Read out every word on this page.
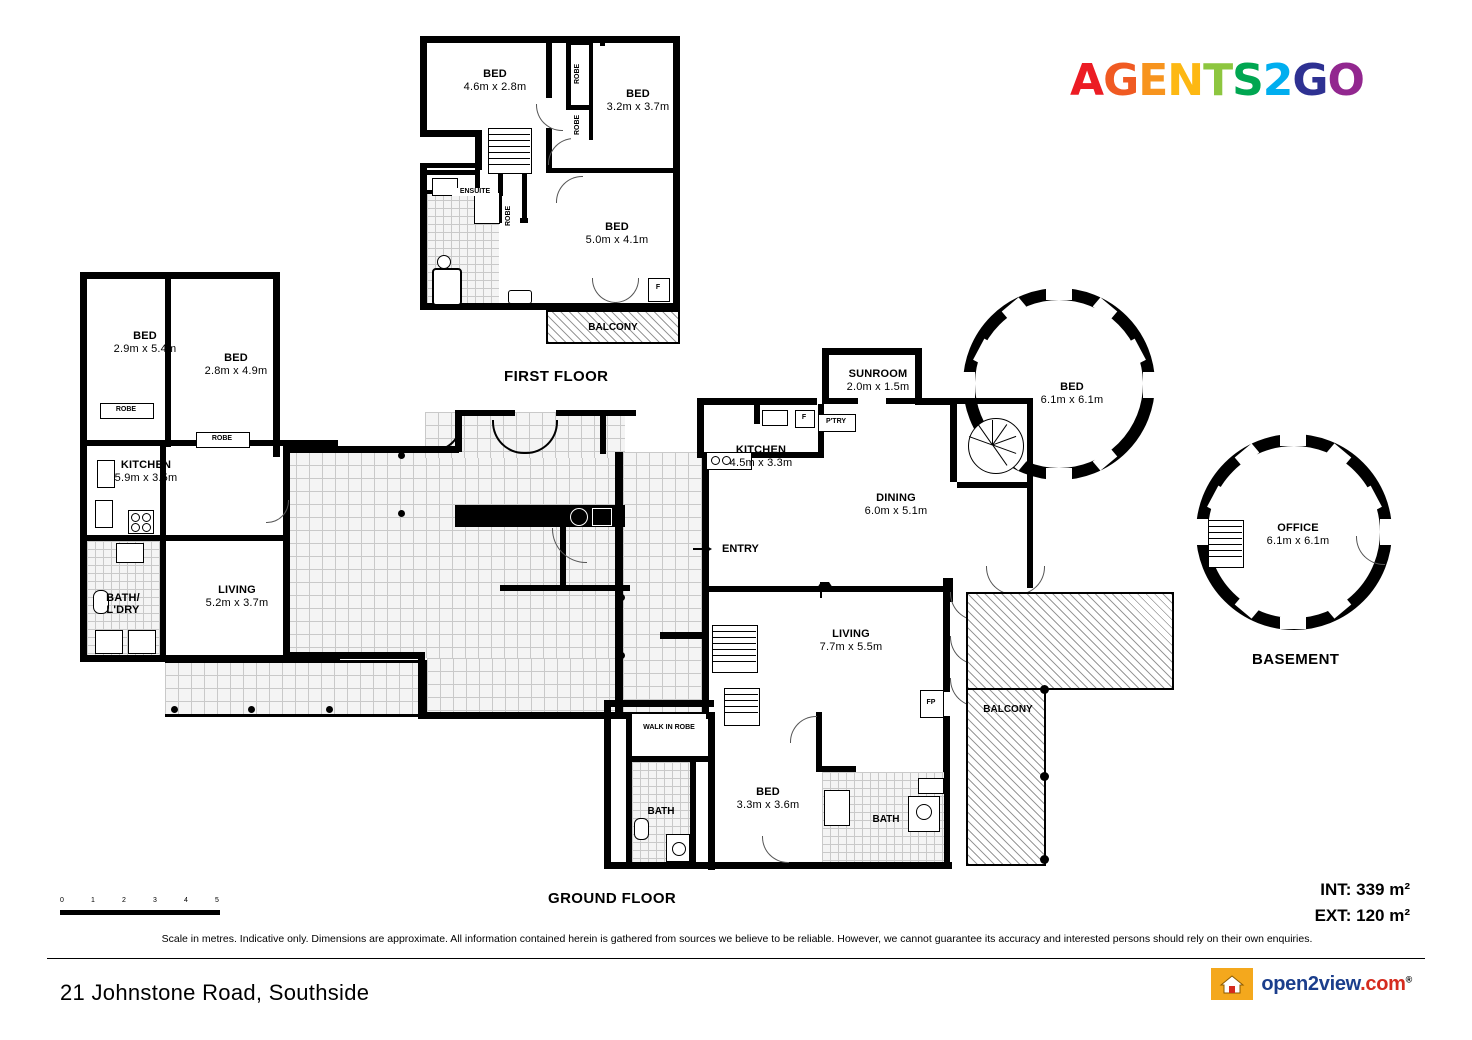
AGENTS2GO
F
BALCONY
ROBE
ROBE
ROBE
ENSUITE
BED
4.6m x 2.8m
BED
3.2m x 3.7m
BED
5.0m x 4.1m
FIRST FLOOR
ROBE
ROBE
BED
2.9m x 5.4m
BED
2.8m x 4.9m
KITCHEN
5.9m x 3.5m
LIVING
5.2m x 3.7m
BATH/ L'DRY
ENTRY
F
P'TRY
SUNROOM
2.0m x 1.5m
KITCHEN
4.5m x 3.3m
DINING
6.0m x 5.1m
BED
6.1m x 6.1m
LIVING
7.7m x 5.5m
FP
BALCONY
WALK IN ROBE
BATH
BED
3.3m x 3.6m
BATH
GROUND FLOOR
OFFICE
6.1m x 6.1m
BASEMENT
0	1	2	3	4	5
INT: 339 m²
EXT: 120 m²
Scale in metres. Indicative only. Dimensions are approximate. All information contained herein is gathered from sources we believe to be reliable. However, we cannot guarantee its accuracy and interested persons should rely on their own enquiries.
21 Johnstone Road, Southside	open2view.com®
